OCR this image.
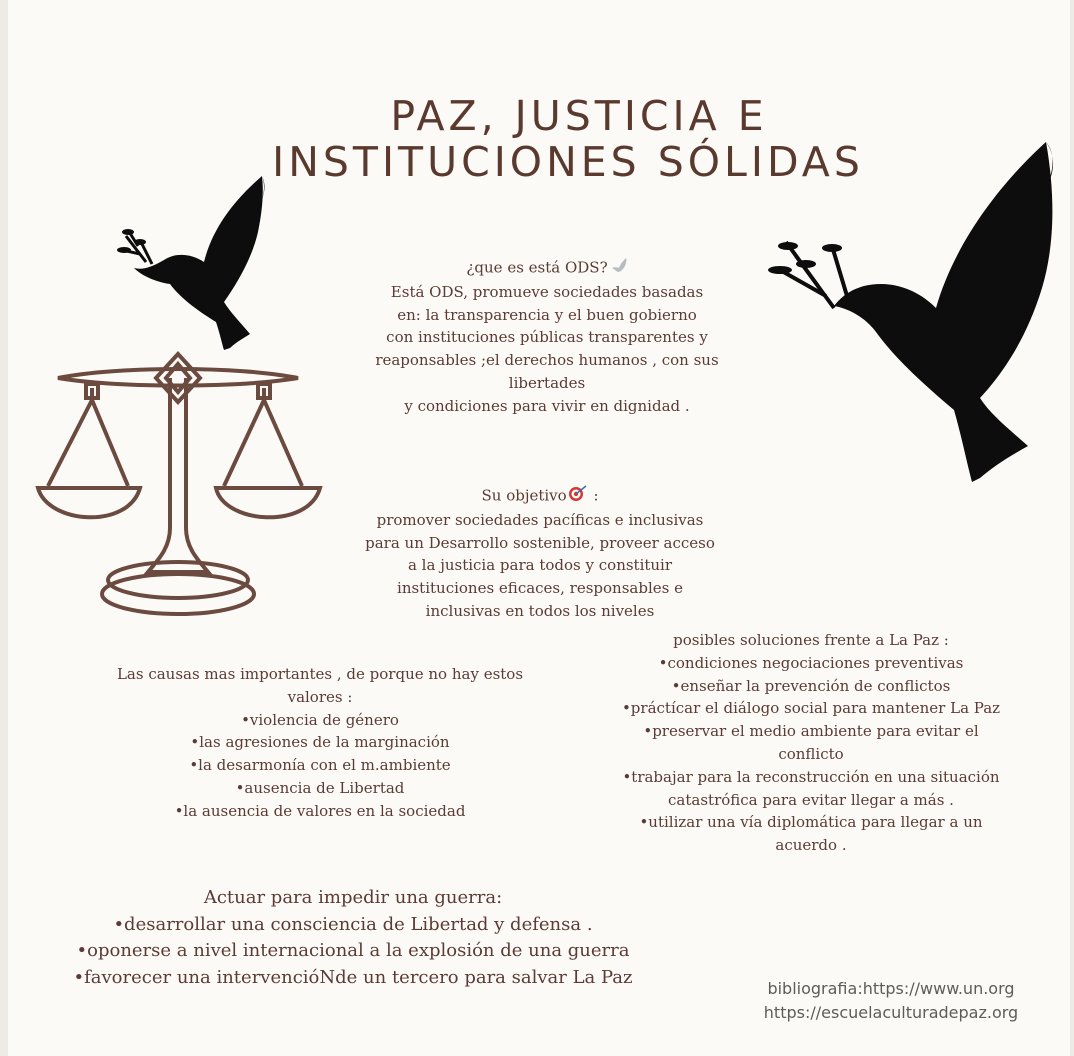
PAZ, JUSTICIA E
INSTITUCIONES SÓLIDAS
¿que es está ODS?
Está ODS, promueve sociedades basadas
en: la transparencia y el buen gobierno
con instituciones públicas transparentes y
reaponsables ;el derechos humanos , con sus
libertades
y condiciones para vivir en dignidad .
Su objetivo :
promover sociedades pacíficas e inclusivas
para un Desarrollo sostenible, proveer acceso
a la justicia para todos y constituir
instituciones eficaces, responsables e
inclusivas en todos los niveles
Las causas mas importantes , de porque no hay estos
valores :
•violencia de género
•las agresiones de la marginación
•la desarmonía con el m.ambiente
•ausencia de Libertad
•la ausencia de valores en la sociedad
posibles soluciones frente a La Paz :
•condiciones negociaciones preventivas
•enseñar la prevención de conflictos
•práctícar el diálogo social para mantener La Paz
•preservar el medio ambiente para evitar el
conflicto
•trabajar para la reconstrucción en una situación
catastrófica para evitar llegar a más .
•utilizar una vía diplomática para llegar a un
acuerdo .
Actuar para impedir una guerra:
•desarrollar una consciencia de Libertad y defensa .
•oponerse a nivel internacional a la explosión de una guerra
•favorecer una intervencióNde un tercero para salvar La Paz
bibliografia:https://www.un.org
https://escuelaculturadepaz.org
